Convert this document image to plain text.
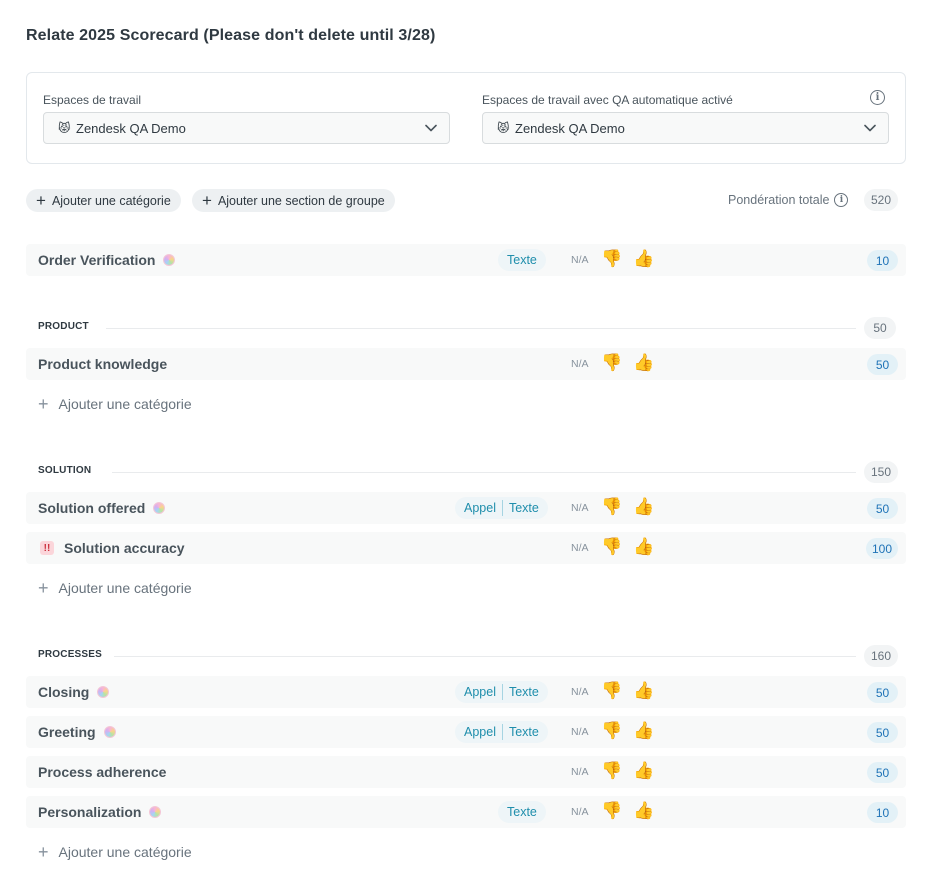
Relate 2025 Scorecard (Please don't delete until 3/28)
Espaces de travail
😾 Zendesk QA Demo
Espaces de travail avec QA automatique activé
😾 Zendesk QA Demo
i
+ Ajouter une catégorie + Ajouter une section de groupe	Pondération totale	i	520
Order Verification	Texte	N/A 👎 👍	10
PRODUCT	50
Product knowledge	N/A 👎 👍	50
+ Ajouter une catégorie
SOLUTION	150
Solution offered	Appel Texte	N/A 👎 👍	50
!! Solution accuracy	N/A 👎 👍	100
+ Ajouter une catégorie
PROCESSES	160
Closing	Appel Texte	N/A 👎 👍	50
Greeting	Appel Texte	N/A 👎 👍	50
Process adherence	N/A 👎 👍	50
Personalization	Texte	N/A 👎 👍	10
+ Ajouter une catégorie
